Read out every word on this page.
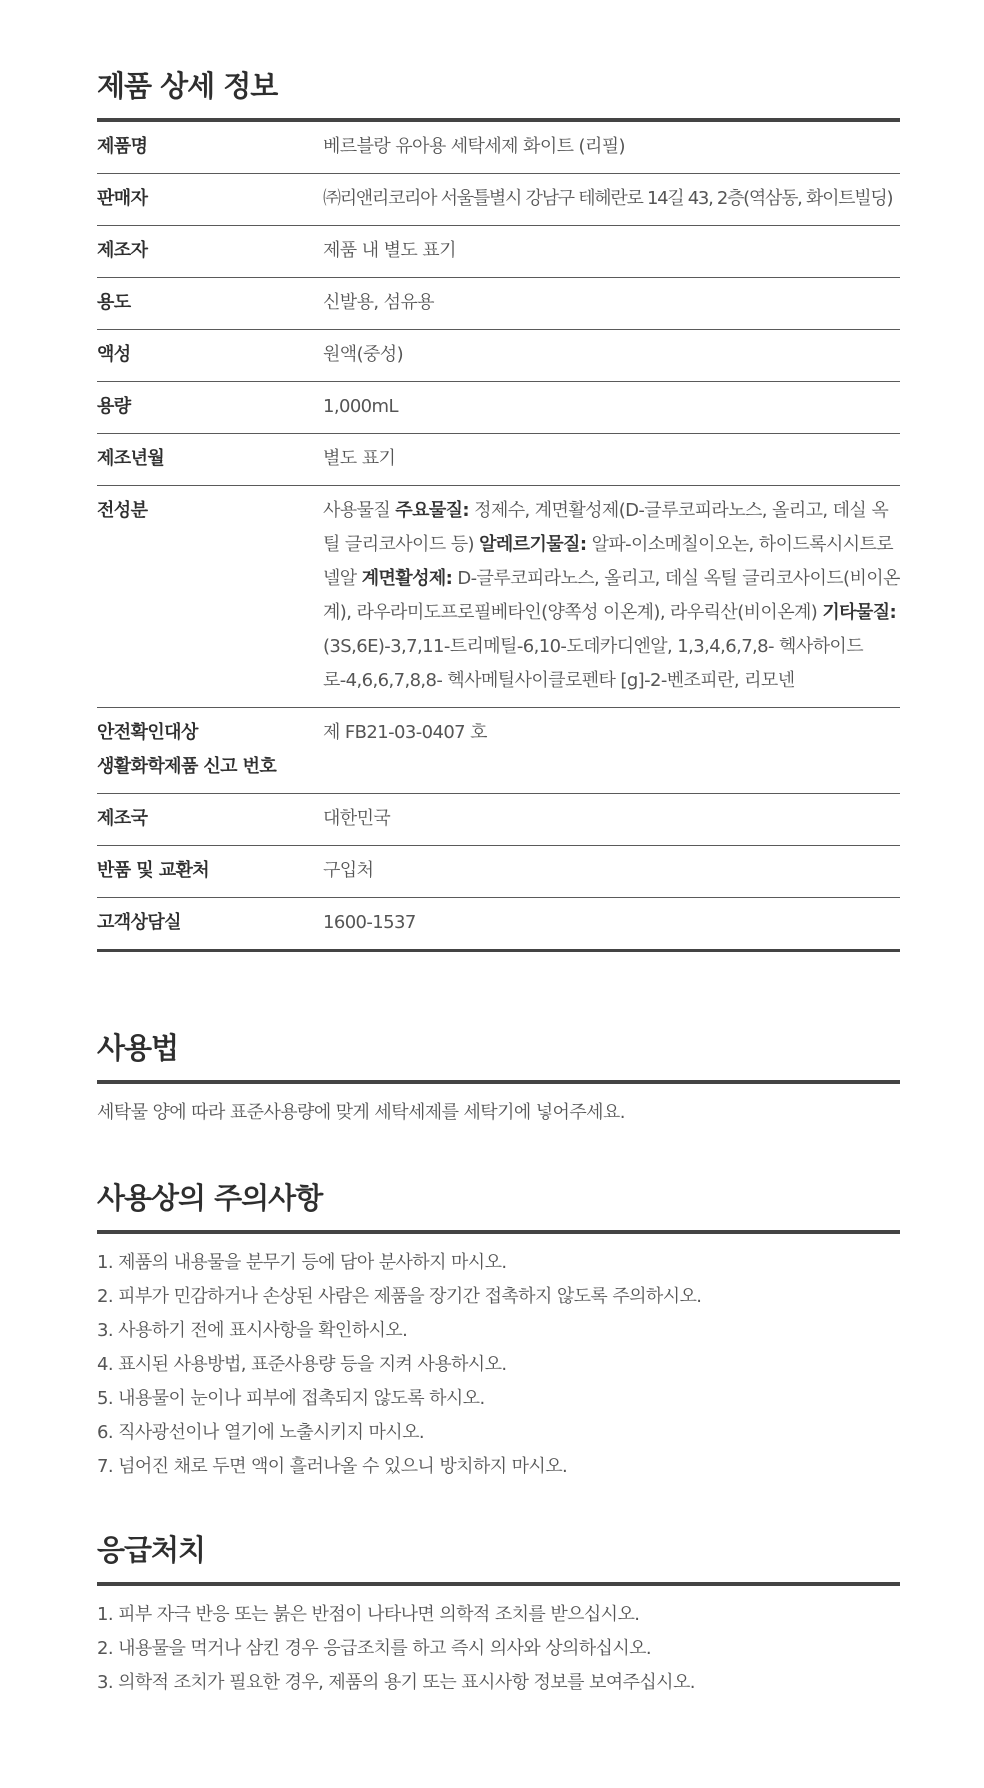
제품 상세 정보
제품명	베르블랑 유아용 세탁세제 화이트 (리필)
판매자	㈜리앤리코리아 서울틀별시 강남구 테헤란로 14길 43, 2층(역삼동, 화이트빌딩)
제조자	제품 내 별도 표기
용도	신발용, 섬유용
액성	원액(중성)
용량	1,000mL
제조년월	별도 표기
전성분	사용물질 주요물질: 정제수, 계면활성제(D-글루코피라노스, 올리고, 데실 옥틸 글리코사이드 등) 알레르기물질: 알파-이소메칠이오논, 하이드록시시트로넬알 계면활성제: D-글루코피라노스, 올리고, 데실 옥틸 글리코사이드(비이온계), 라우라미도프로필베타인(양쪽성 이온계), 라우릭산(비이온계) 기타물질: (3S,6E)-3,7,11-트리메틸-6,10-도데카디엔알, 1,3,4,6,7,8- 헥사하이드로-4,6,6,7,8,8- 헥사메틸사이클로펜타 [g]-2-벤조피란, 리모넨

안전확인대상
생활화학제품 신고 번호	제 FB21-03-0407 호
제조국	대한민국
반품 및 교환처	구입처
고객상담실	1600-1537
사용법
세탁물 양에 따라 표준사용량에 맞게 세탁세제를 세탁기에 넣어주세요.
사용상의 주의사항
1. 제품의 내용물을 분무기 등에 담아 분사하지 마시오.
2. 피부가 민감하거나 손상된 사람은 제품을 장기간 접촉하지 않도록 주의하시오.
3. 사용하기 전에 표시사항을 확인하시오.
4. 표시된 사용방법, 표준사용량 등을 지켜 사용하시오.
5. 내용물이 눈이나 피부에 접촉되지 않도록 하시오.
6. 직사광선이나 열기에 노출시키지 마시오.
7. 넘어진 채로 두면 액이 흘러나올 수 있으니 방치하지 마시오.
응급처치
1. 피부 자극 반응 또는 붉은 반점이 나타나면 의학적 조치를 받으십시오.
2. 내용물을 먹거나 삼킨 경우 응급조치를 하고 즉시 의사와 상의하십시오.
3. 의학적 조치가 필요한 경우, 제품의 용기 또는 표시사항 정보를 보여주십시오.
